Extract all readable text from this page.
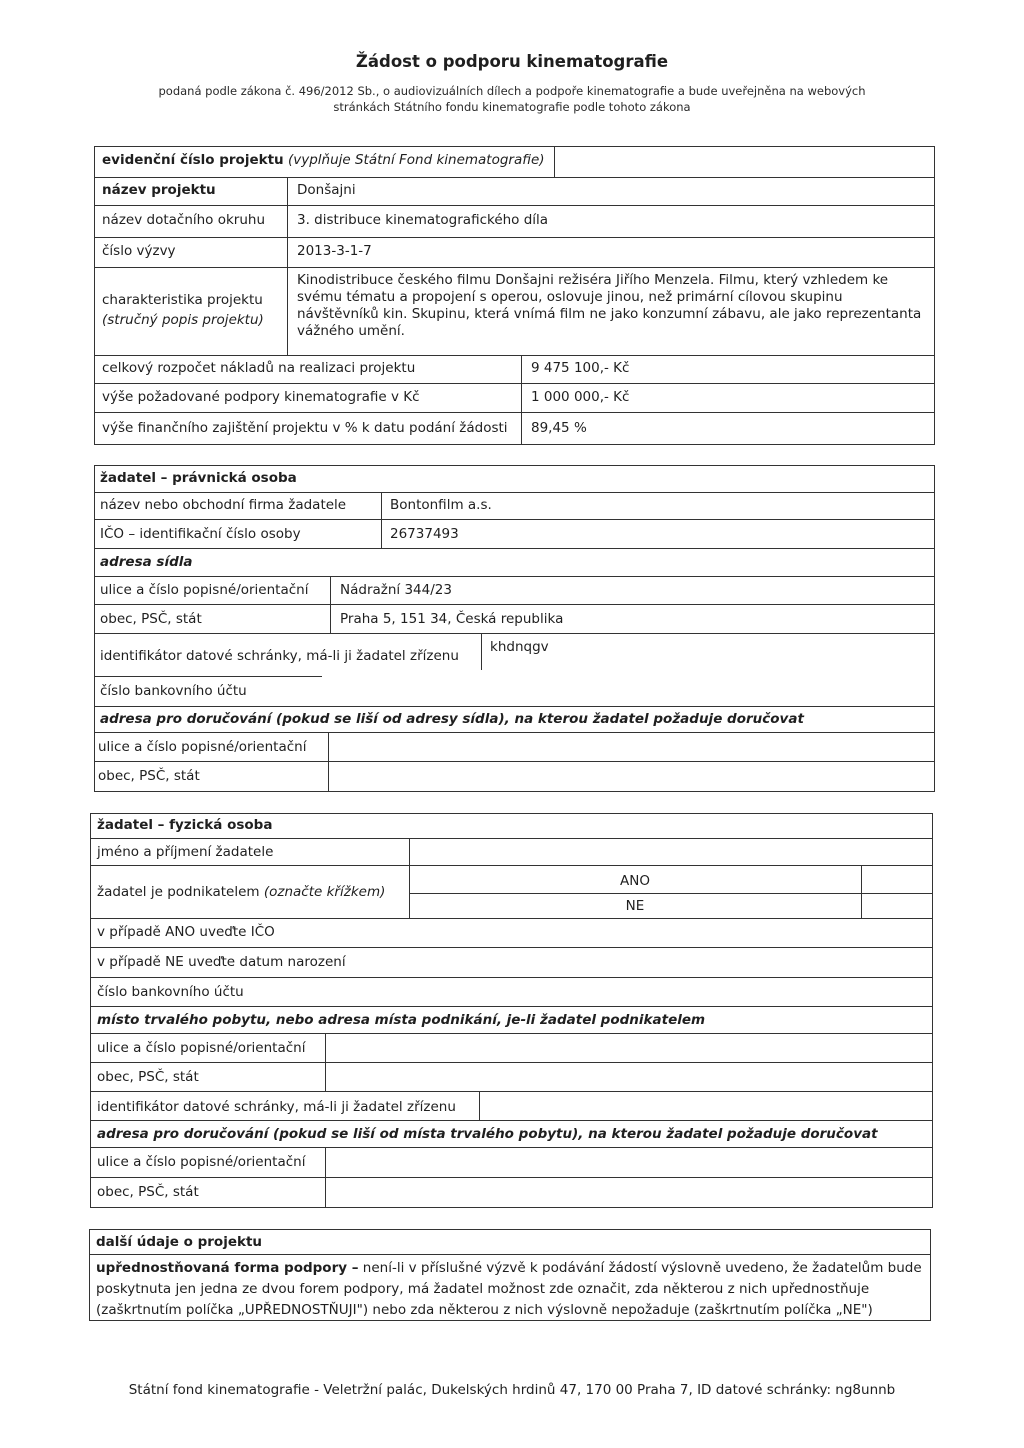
Žádost o podporu kinematografie
podaná podle zákona č. 496/2012 Sb., o audiovizuálních dílech a podpoře kinematografie a bude uveřejněna na webových
stránkách Státního fondu kinematografie podle tohoto zákona
evidenční číslo projektu (vyplňuje Státní Fond kinematografie)
název projektu	Donšajni
název dotačního okruhu 3. distribuce kinematografického díla
číslo výzvy	2013-3-1-7
charakteristika projektu
(stručný popis projektu)
Kinodistribuce českého filmu Donšajni režiséra Jiřího Menzela. Filmu, který vzhledem ke svému tématu a propojení s operou, oslovuje jinou, než primární cílovou skupinu návštěvníků kin. Skupinu, která vnímá film ne jako konzumní zábavu, ale jako reprezentanta vážného umění.
celkový rozpočet nákladů na realizaci projektu	9 475 100,- Kč
výše požadované podpory kinematografie v Kč	1 000 000,- Kč
výše finančního zajištění projektu v % k datu podání žádosti 89,45 %
žadatel – právnická osoba
název nebo obchodní firma žadatele	Bontonfilm a.s.
IČO – identifikační číslo osoby	26737493
adresa sídla
ulice a číslo popisné/orientační Nádražní 344/23
obec, PSČ, stát	Praha 5, 151 34, Česká republika
identifikátor datové schránky, má-li ji žadatel zřízenu
khdnqgv
číslo bankovního účtu
adresa pro doručování (pokud se liší od adresy sídla), na kterou žadatel požaduje doručovat
ulice a číslo popisné/orientační
obec, PSČ, stát
žadatel – fyzická osoba
jméno a příjmení žadatele
žadatel je podnikatelem (označte křížkem)
ANO
NE
v případě ANO uveďte IČO
v případě NE uveďte datum narození
číslo bankovního účtu
místo trvalého pobytu, nebo adresa místa podnikání, je-li žadatel podnikatelem
ulice a číslo popisné/orientační
obec, PSČ, stát
identifikátor datové schránky, má-li ji žadatel zřízenu
adresa pro doručování (pokud se liší od místa trvalého pobytu), na kterou žadatel požaduje doručovat
ulice a číslo popisné/orientační
obec, PSČ, stát
další údaje o projektu
upřednostňovaná forma podpory – není-li v příslušné výzvě k podávání žádostí výslovně uvedeno, že žadatelům bude
poskytnuta jen jedna ze dvou forem podpory, má žadatel možnost zde označit, zda některou z nich upřednostňuje
(zaškrtnutím políčka „UPŘEDNOSTŇUJI") nebo zda některou z nich výslovně nepožaduje (zaškrtnutím políčka „NE")
Státní fond kinematografie - Veletržní palác, Dukelských hrdinů 47, 170 00 Praha 7, ID datové schránky: ng8unnb
